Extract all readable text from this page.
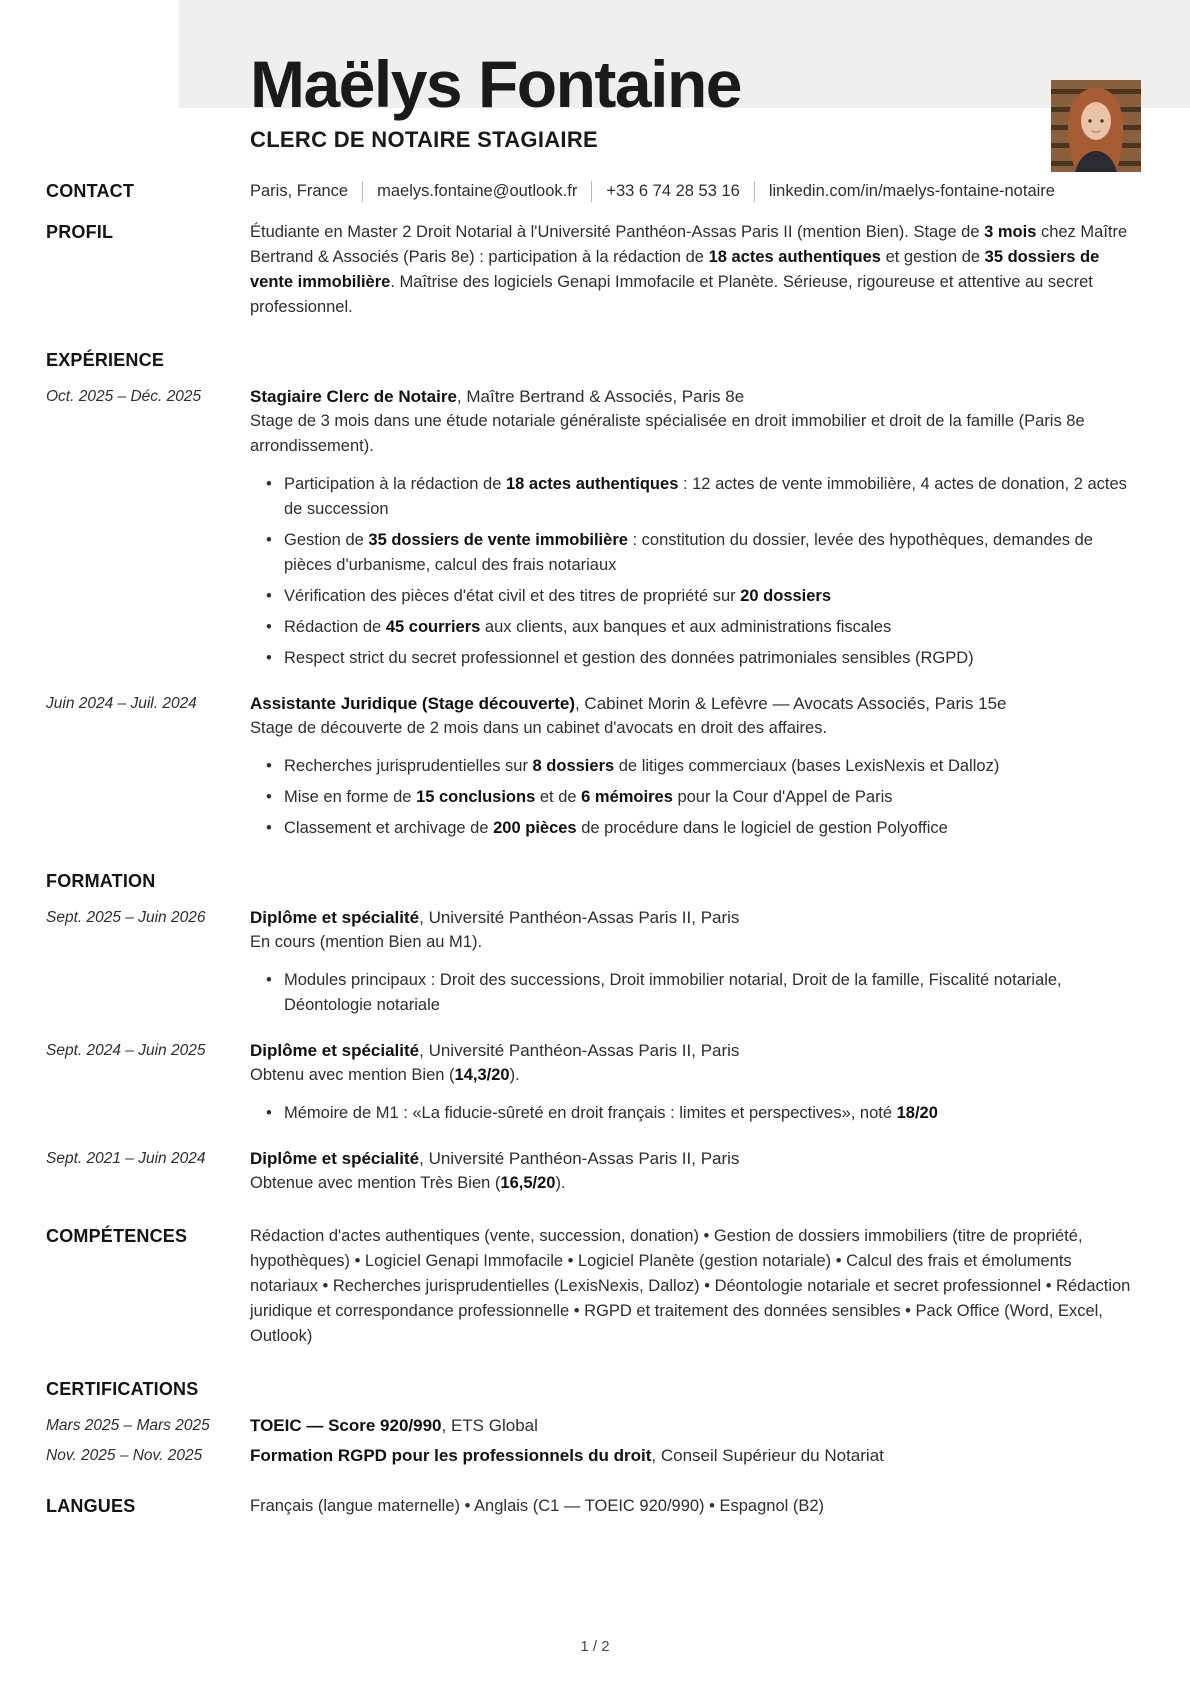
Maëlys Fontaine
CLERC DE NOTAIRE STAGIAIRE
CONTACT	Paris, France maelys.fontaine@outlook.fr +33 6 74 28 53 16 linkedin.com/in/maelys-fontaine-notaire
PROFIL	Étudiante en Master 2 Droit Notarial à l'Université Panthéon-Assas Paris II (mention Bien). Stage de 3 mois chez Maître Bertrand & Associés (Paris 8e) : participation à la rédaction de 18 actes authentiques et gestion de 35 dossiers de vente immobilière. Maîtrise des logiciels Genapi Immofacile et Planète. Sérieuse, rigoureuse et attentive au secret professionnel.

EXPÉRIENCE
Oct. 2025 – Déc. 2025	Stagiaire Clerc de Notaire, Maître Bertrand & Associés, Paris 8e

Stage de 3 mois dans une étude notariale généraliste spécialisée en droit immobilier et droit de la famille (Paris 8e arrondissement).

• Participation à la rédaction de 18 actes authentiques : 12 actes de vente immobilière, 4 actes de donation, 2 actes de succession
• Gestion de 35 dossiers de vente immobilière : constitution du dossier, levée des hypothèques, demandes de pièces d'urbanisme, calcul des frais notariaux
• Vérification des pièces d'état civil et des titres de propriété sur 20 dossiers
• Rédaction de 45 courriers aux clients, aux banques et aux administrations fiscales
• Respect strict du secret professionnel et gestion des données patrimoniales sensibles (RGPD)
Juin 2024 – Juil. 2024	Assistante Juridique (Stage découverte), Cabinet Morin & Lefèvre — Avocats Associés, Paris 15e

Stage de découverte de 2 mois dans un cabinet d'avocats en droit des affaires.

• Recherches jurisprudentielles sur 8 dossiers de litiges commerciaux (bases LexisNexis et Dalloz)
• Mise en forme de 15 conclusions et de 6 mémoires pour la Cour d'Appel de Paris
• Classement et archivage de 200 pièces de procédure dans le logiciel de gestion Polyoffice
FORMATION
Sept. 2025 – Juin 2026	Diplôme et spécialité, Université Panthéon-Assas Paris II, Paris

En cours (mention Bien au M1).

• Modules principaux : Droit des successions, Droit immobilier notarial, Droit de la famille, Fiscalité notariale, Déontologie notariale
Sept. 2024 – Juin 2025	Diplôme et spécialité, Université Panthéon-Assas Paris II, Paris

Obtenu avec mention Bien (14,3/20).

• Mémoire de M1 : «La fiducie-sûreté en droit français : limites et perspectives», noté 18/20
Sept. 2021 – Juin 2024	Diplôme et spécialité, Université Panthéon-Assas Paris II, Paris

Obtenue avec mention Très Bien (16,5/20).

COMPÉTENCES	Rédaction d'actes authentiques (vente, succession, donation) • Gestion de dossiers immobiliers (titre de propriété, hypothèques) • Logiciel Genapi Immofacile • Logiciel Planète (gestion notariale) • Calcul des frais et émoluments notariaux • Recherches jurisprudentielles (LexisNexis, Dalloz) • Déontologie notariale et secret professionnel • Rédaction juridique et correspondance professionnelle • RGPD et traitement des données sensibles • Pack Office (Word, Excel, Outlook)

CERTIFICATIONS
Mars 2025 – Mars 2025	TOEIC — Score 920/990, ETS Global

Nov. 2025 – Nov. 2025	Formation RGPD pour les professionnels du droit, Conseil Supérieur du Notariat

LANGUES	Français (langue maternelle) • Anglais (C1 — TOEIC 920/990) • Espagnol (B2)

1 / 2
